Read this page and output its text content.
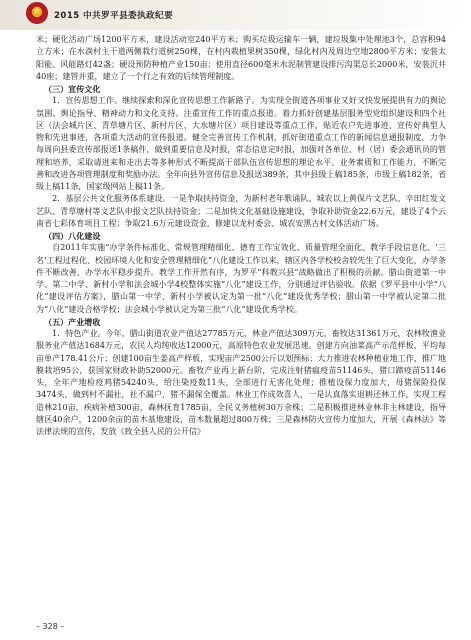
★
2015 中共罗平县委执政纪要

米；硬化活动广场1200平方米，建设活动室240平方米；购买垃圾运输车一辆，建垃圾集中处理池3个，总容积94立方米；在水淌村主干道两侧栽行道树250棵，在村内栽植果树350棵，绿化村内及周边空地2800平方米；安装太阳能、风能路灯42盏；硬设预防种植产业150亩；使用直径600毫米水泥制管建设排污沟渠总长2000米，安装沉井40座；建管并重，建立了一个行之有效的后续管理制度。

（三）宣传文化

1．宣传思想工作。继续探索和深化宣传思想工作新路子。为实现全街道各项事业又好又快发展提供有力的舆论氛围、舆论指导、精神动力和文化支持。注重宣传工作的重点报道。着力抓好创建基层服务型党组织建设和四个社区（法会城片区、青草塘片区、新村片区、大水塘片区）项目建设等重点工作，贴近农户先进事迹、宣传好典型人物和先进事迹，各项重大活动的宣传报道。健全完善宣传工作机制，抓好街道重点工作的新闻信息通报制度，力争每周向县委宣传部报送1条稿件，做到重要信息及时报，常态信息定时报，加强对各单位、村（居）委会通讯员的管理和培养，采取请进来和走出去等多种形式不断提高干部队伍宣传思想的理论水平、业务素质和工作能力，不断完善和改进各项管理制度和奖励办法。全年向县外宣传信息及报送389条，其中县级上稿185条，市级上稿182条，省级上稿11条，国家级网站上稿11条。

2．基层公共文化服务体系建设。一是争取扶持资金，为新村老年歌诵队、城农以上黄保片文艺队、辛田红发文艺队、青草塘村等文艺队申报文艺队扶持资金；二是加快文化基础设施建设，争取补助资金22.6万元，建设了4个云南省七彩体育项目工程；争取21.6万元建设资金，修建以龙村委会、城农安黑古村文体活动广场。

（四）八化建设

自2011年实施“办学条件标准化、常规管理精细化、德育工作宝效化、质量管理全面化、教学手段信息化、‘三名’工程过程化、校园环境人化和安全管理精细化”八化建设工作以来，辖区内各学校校舍较先生了巨大变化，办学条件不断改善，办学水平稳步提升。教学工作开然有序，为罗平“科教兴县”战略做出了积极的贡献。腊山街道第一中学、第二中学、新村小学和法会城小学4校整体实施“八化”建设工作，分别通过评估验收。依据《罗平县中小学“八化”建设评估方案》，腊山第一中学、新村小学被认定为第一批“八化”建设优秀学校；腊山第一中学被认定第二批为“八化”建设合格学校；法会城小学被认定为第三批“八化”建设优秀学校。

（五）产业增收

1．特色产业。今年，腊山街道农业产值达27785万元，林业产值达309万元，畜牧达31361万元，农林牧渔业服务业产值达1684万元，农民人均纯收达12000元，高原特色农业发展迅速。创建方向油菜高产示范样板，平均每亩单产178.41公斤；创建100亩生姜高产样板，实现亩产2500公斤以划预标；大力推进农林种植业地工作，推广地膜栽培95公，获国家财政补助52000元。畜牧产业再上新台阶，完成注射猪瘟疫苗51146头，猪口蹄疫苗51146头，全年产地检疫鸡猪54240头，给注染疫数11头，全部进行无害化处理；推植设保力度加大，母猪保险投保3474头，做到村不漏社，社不漏户，猪不漏保全覆盖。林业工作成效喜人，一是认真落实退耕还林工作，实现工程造林210亩，疾病补植300亩，森林抚育1785亩，全民义务植树30万余株；二是积极推进林业林非主林建设，指导辖区40余户，1200余亩的苗木基地建设，苗木数量超过800万株；三是森林防火宣传力度加大，开展《森林法》等法律法规的宣传，发放《致全县人民的公开信》

– 328 –
